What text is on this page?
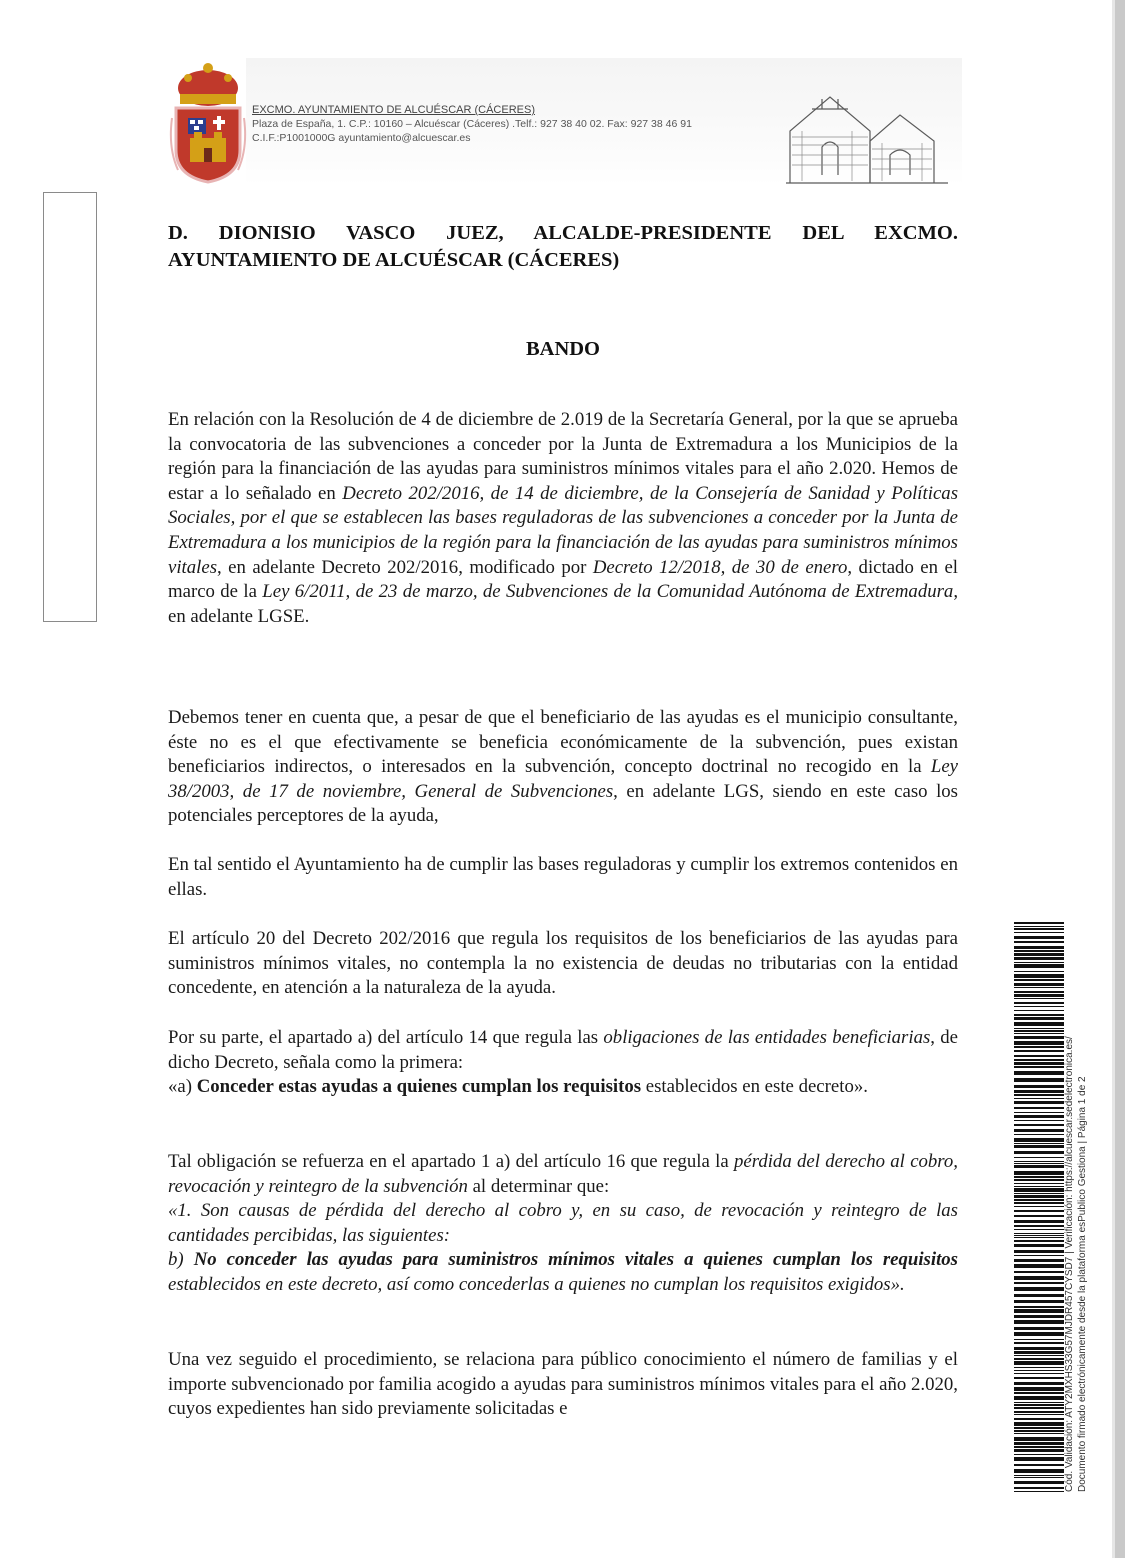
EXCMO. AYUNTAMIENTO DE ALCUÉSCAR (CÁCERES)
Plaza de España, 1. C.P.: 10160 – Alcuéscar (Cáceres) .Telf.: 927 38 40 02. Fax: 927 38 46 91
C.I.F.:P1001000G ayuntamiento@alcuescar.es
D. DIONISIO VASCO JUEZ, ALCALDE-PRESIDENTE DEL EXCMO.
AYUNTAMIENTO DE ALCUÉSCAR (CÁCERES)
BANDO
En relación con la Resolución de 4 de diciembre de 2.019 de la Secretaría General, por la que se aprueba la convocatoria de las subvenciones a conceder por la Junta de Extremadura a los Municipios de la región para la financiación de las ayudas para suministros mínimos vitales para el año 2.020. Hemos de estar a lo señalado en Decreto 202/2016, de 14 de diciembre, de la Consejería de Sanidad y Políticas Sociales, por el que se establecen las bases reguladoras de las subvenciones a conceder por la Junta de Extremadura a los municipios de la región para la financiación de las ayudas para suministros mínimos vitales, en adelante Decreto 202/2016, modificado por Decreto 12/2018, de 30 de enero, dictado en el marco de la Ley 6/2011, de 23 de marzo, de Subvenciones de la Comunidad Autónoma de Extremadura, en adelante LGSE.
Debemos tener en cuenta que, a pesar de que el beneficiario de las ayudas es el municipio consultante, éste no es el que efectivamente se beneficia económicamente de la subvención, pues existan beneficiarios indirectos, o interesados en la subvención, concepto doctrinal no recogido en la Ley 38/2003, de 17 de noviembre, General de Subvenciones, en adelante LGS, siendo en este caso los potenciales perceptores de la ayuda,
En tal sentido el Ayuntamiento ha de cumplir las bases reguladoras y cumplir los extremos contenidos en ellas.
El artículo 20 del Decreto 202/2016 que regula los requisitos de los beneficiarios de las ayudas para suministros mínimos vitales, no contempla la no existencia de deudas no tributarias con la entidad concedente, en atención a la naturaleza de la ayuda.
Por su parte, el apartado a) del artículo 14 que regula las obligaciones de las entidades beneficiarias, de dicho Decreto, señala como la primera:
«a) Conceder estas ayudas a quienes cumplan los requisitos establecidos en este decreto».
Tal obligación se refuerza en el apartado 1 a) del artículo 16 que regula la pérdida del derecho al cobro, revocación y reintegro de la subvención al determinar que:
«1. Son causas de pérdida del derecho al cobro y, en su caso, de revocación y reintegro de las cantidades percibidas, las siguientes:
b) No conceder las ayudas para suministros mínimos vitales a quienes cumplan los requisitos establecidos en este decreto, así como concederlas a quienes no cumplan los requisitos exigidos».
Una vez seguido el procedimiento, se relaciona para público conocimiento el número de familias y el importe subvencionado por familia acogido a ayudas para suministros mínimos vitales para el año 2.020, cuyos expedientes han sido previamente solicitadas e	Cód. Validación: ATY2MXHS33G57MJDR457CYSD7 | Verificación: https://alcuescar.sedelectronica.es/ Documento firmado electrónicamente desde la plataforma esPublico Gestiona | Página 1 de 2
